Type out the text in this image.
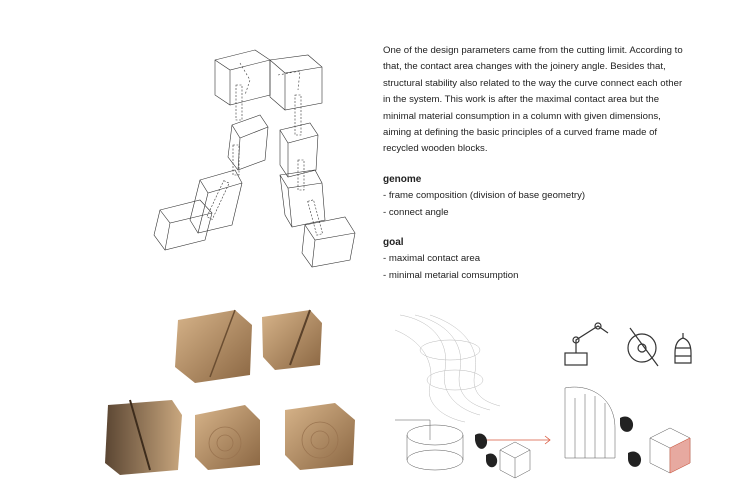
One of the design parameters came from the cutting limit. According to that, the contact area changes with the joinery angle. Besides that, structural stability also related to the way the curve connect each other in the system. This work is after the maximal contact area but the minimal material consumption in a column with given dimensions, aiming at defining the basic principles of a curved frame made of recycled wooden blocks.

genome

- frame composition (division of base geometry)

- connect angle

goal

- maximal contact area

- minimal metarial comsumption
